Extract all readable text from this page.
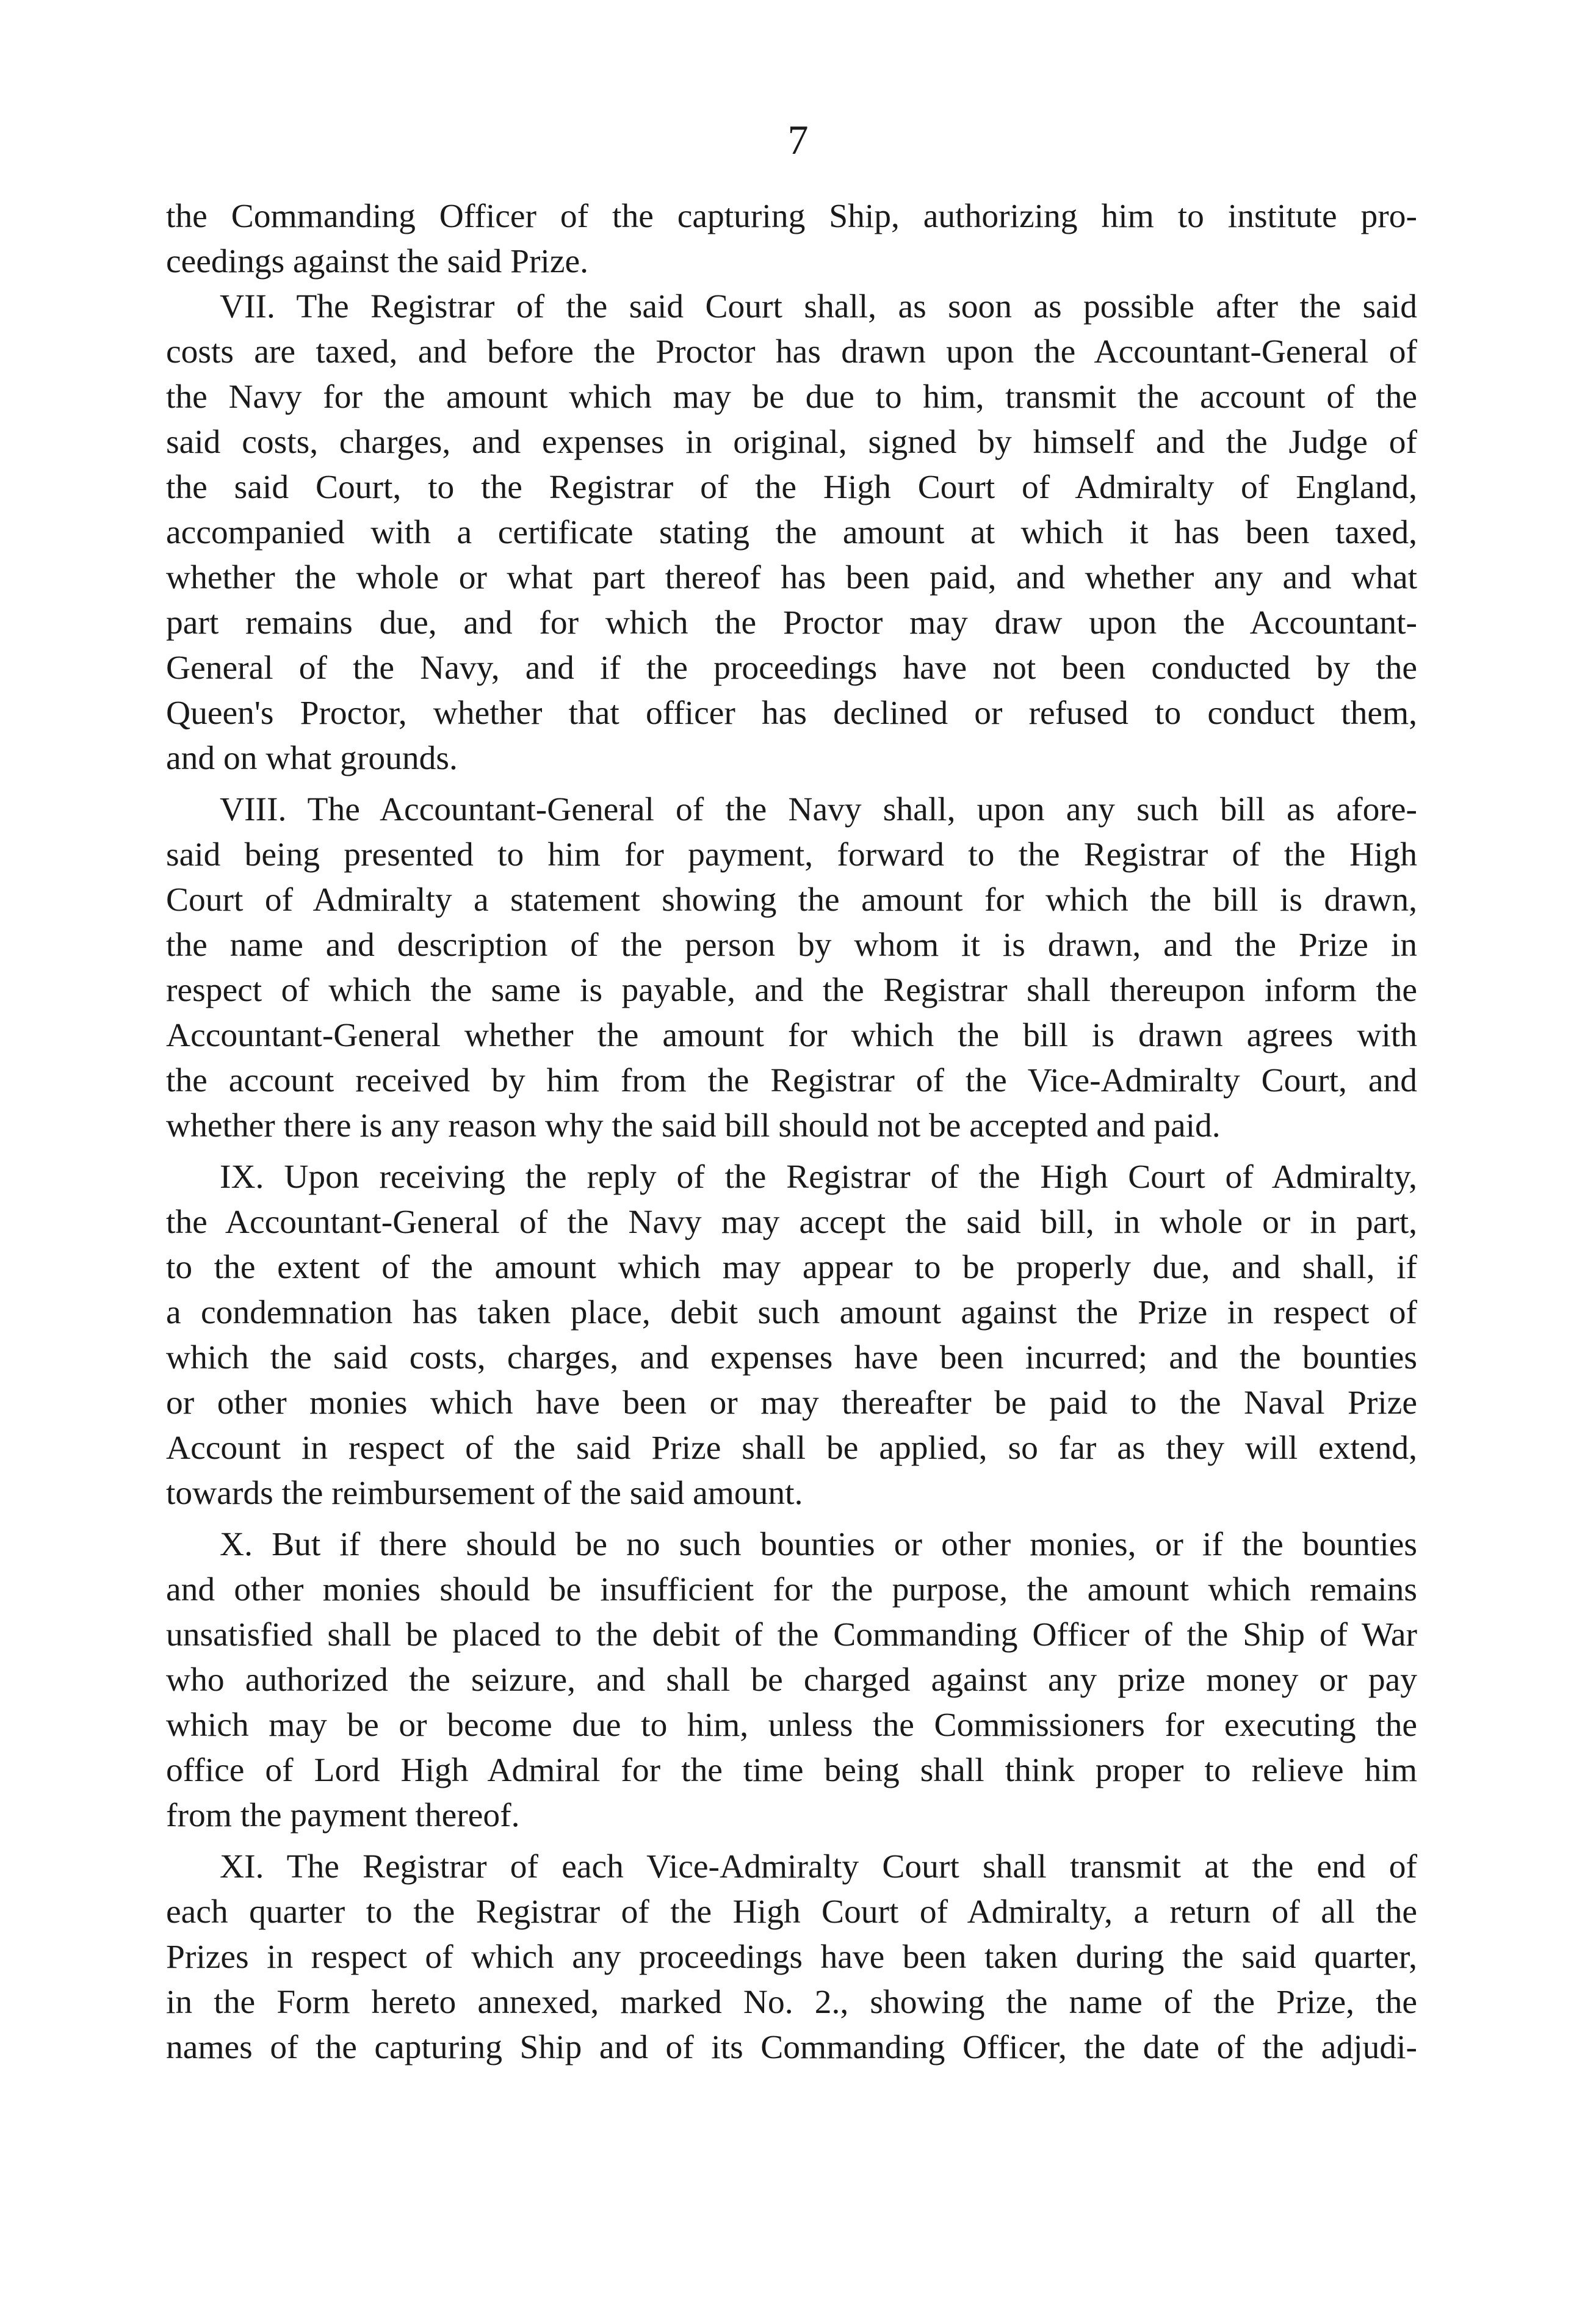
7

the Commanding Officer of the capturing Ship, authorizing him to institute pro-
ceedings against the said Prize.

VII. The Registrar of the said Court shall, as soon as possible after the said
costs are taxed, and before the Proctor has drawn upon the Accountant-General of
the Navy for the amount which may be due to him, transmit the account of the
said costs, charges, and expenses in original, signed by himself and the Judge of
the said Court, to the Registrar of the High Court of Admiralty of England,
accompanied with a certificate stating the amount at which it has been taxed,
whether the whole or what part thereof has been paid, and whether any and what
part remains due, and for which the Proctor may draw upon the Accountant-
General of the Navy, and if the proceedings have not been conducted by the
Queen's Proctor, whether that officer has declined or refused to conduct them,
and on what grounds.

VIII. The Accountant-General of the Navy shall, upon any such bill as afore-
said being presented to him for payment, forward to the Registrar of the High
Court of Admiralty a statement showing the amount for which the bill is drawn,
the name and description of the person by whom it is drawn, and the Prize in
respect of which the same is payable, and the Registrar shall thereupon inform the
Accountant-General whether the amount for which the bill is drawn agrees with
the account received by him from the Registrar of the Vice-Admiralty Court, and
whether there is any reason why the said bill should not be accepted and paid.

IX. Upon receiving the reply of the Registrar of the High Court of Admiralty,
the Accountant-General of the Navy may accept the said bill, in whole or in part,
to the extent of the amount which may appear to be properly due, and shall, if
a condemnation has taken place, debit such amount against the Prize in respect of
which the said costs, charges, and expenses have been incurred; and the bounties
or other monies which have been or may thereafter be paid to the Naval Prize
Account in respect of the said Prize shall be applied, so far as they will extend,
towards the reimbursement of the said amount.

X. But if there should be no such bounties or other monies, or if the bounties
and other monies should be insufficient for the purpose, the amount which remains
unsatisfied shall be placed to the debit of the Commanding Officer of the Ship of War
who authorized the seizure, and shall be charged against any prize money or pay
which may be or become due to him, unless the Commissioners for executing the
office of Lord High Admiral for the time being shall think proper to relieve him
from the payment thereof.

XI. The Registrar of each Vice-Admiralty Court shall transmit at the end of
each quarter to the Registrar of the High Court of Admiralty, a return of all the
Prizes in respect of which any proceedings have been taken during the said quarter,
in the Form hereto annexed, marked No. 2., showing the name of the Prize, the
names of the capturing Ship and of its Commanding Officer, the date of the adjudi-
